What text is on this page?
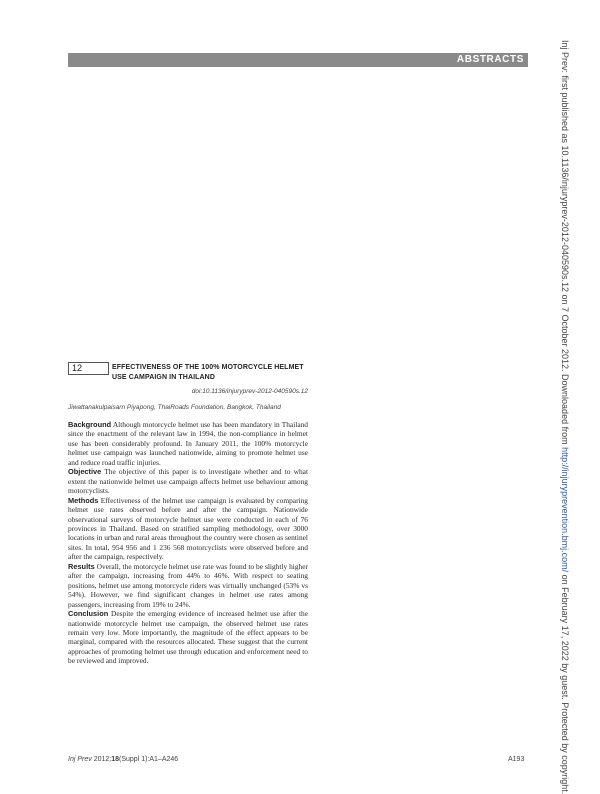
ABSTRACTS	Inj Prev: first published as 10.1136/injuryprev-2012-040590s.12 on 7 October 2012. Downloaded from http://injuryprevention.bmj.com/ on February 17, 2022 by guest. Protected by copyright.
12	EFFECTIVENESS OF THE 100% MOTORCYCLE HELMET USE CAMPAIGN IN THAILAND
doi:10.1136/injuryprev-2012-040590s.12
Jiwattanakulpaisarn Piyapong, ThaiRoads Foundation, Bangkok, Thailand

Background Although motorcycle helmet use has been mandatory in Thailand since the enactment of the relevant law in 1994, the non-compliance in helmet use has been considerably profound. In January 2011, the 100% motorcycle helmet use campaign was launched nationwide, aiming to promote helmet use and reduce road traffic injuries.

Objective The objective of this paper is to investigate whether and to what extent the nationwide helmet use campaign affects helmet use behaviour among motorcyclists.

Methods Effectiveness of the helmet use campaign is evaluated by comparing helmet use rates observed before and after the campaign. Nationwide observational surveys of motorcycle helmet use were conducted in each of 76 provinces in Thailand. Based on stratified sampling methodology, over 3000 locations in urban and rural areas throughout the country were chosen as sentinel sites. In total, 954 956 and 1 236 568 motorcyclists were observed before and after the campaign, respectively.

Results Overall, the motorcycle helmet use rate was found to be slightly higher after the campaign, increasing from 44% to 46%. With respect to seating positions, helmet use among motorcycle riders was virtually unchanged (53% vs 54%). However, we find significant changes in helmet use rates among passengers, increasing from 19% to 24%.

Conclusion Despite the emerging evidence of increased helmet use after the nationwide motorcycle helmet use campaign, the observed helmet use rates remain very low. More importantly, the magnitude of the effect appears to be marginal, compared with the resources allocated. These suggest that the current approaches of promoting helmet use through education and enforcement need to be reviewed and improved.

Inj Prev 2012;18(Suppl 1):A1–A246	A193
